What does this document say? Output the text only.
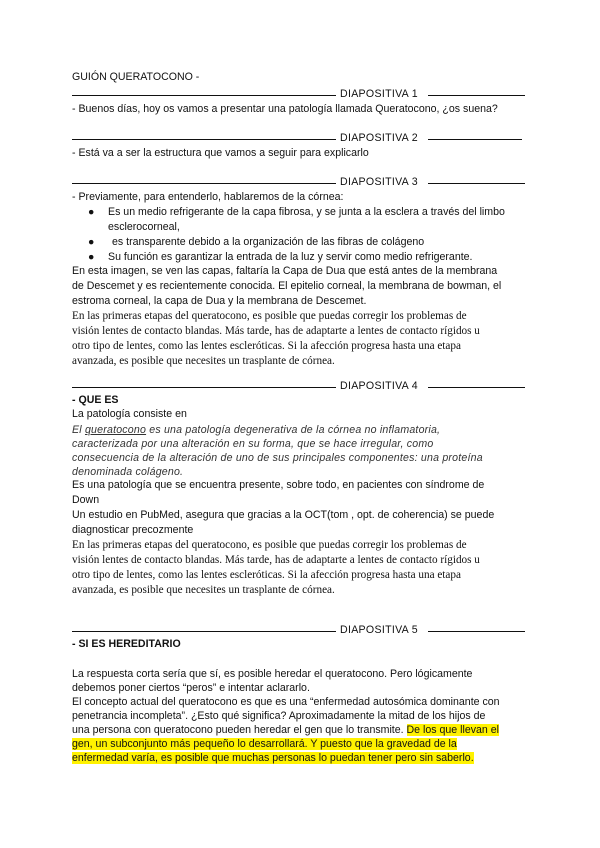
GUIÓN QUERATOCONO -
DIAPOSITIVA 1
- Buenos días, hoy os vamos a presentar una patología llamada Queratocono, ¿os suena?
DIAPOSITIVA 2
- Está va a ser la estructura que vamos a seguir para explicarlo
DIAPOSITIVA 3
- Previamente, para entenderlo, hablaremos de la córnea:
● Es un medio refrigerante de la capa fibrosa, y se junta a la esclera a través del limbo
esclerocorneal,
● es transparente debido a la organización de las fibras de colágeno
● Su función es garantizar la entrada de la luz y servir como medio refrigerante.
En esta imagen, se ven las capas, faltaría la Capa de Dua que está antes de la membrana
de Descemet y es recientemente conocida. El epitelio corneal, la membrana de bowman, el
estroma corneal, la capa de Dua y la membrana de Descemet.
En las primeras etapas del queratocono, es posible que puedas corregir los problemas de
visión lentes de contacto blandas. Más tarde, has de adaptarte a lentes de contacto rígidos u
otro tipo de lentes, como las lentes escleróticas. Si la afección progresa hasta una etapa
avanzada, es posible que necesites un trasplante de córnea.
DIAPOSITIVA 4
- QUE ES
La patología consiste en
El queratocono es una patología degenerativa de la córnea no inflamatoria,
caracterizada por una alteración en su forma, que se hace irregular, como
consecuencia de la alteración de uno de sus principales componentes: una proteína
denominada colágeno.
Es una patología que se encuentra presente, sobre todo, en pacientes con síndrome de
Down
Un estudio en PubMed, asegura que gracias a la OCT(tom , opt. de coherencia) se puede
diagnosticar precozmente
En las primeras etapas del queratocono, es posible que puedas corregir los problemas de
visión lentes de contacto blandas. Más tarde, has de adaptarte a lentes de contacto rígidos u
otro tipo de lentes, como las lentes escleróticas. Si la afección progresa hasta una etapa
avanzada, es posible que necesites un trasplante de córnea.
DIAPOSITIVA 5
- SI ES HEREDITARIO
La respuesta corta sería que sí, es posible heredar el queratocono. Pero lógicamente
debemos poner ciertos “peros” e intentar aclararlo.
El concepto actual del queratocono es que es una “enfermedad autosómica dominante con
penetrancia incompleta”. ¿Esto qué significa? Aproximadamente la mitad de los hijos de
una persona con queratocono pueden heredar el gen que lo transmite. De los que llevan el
gen, un subconjunto más pequeño lo desarrollará. Y puesto que la gravedad de la
enfermedad varía, es posible que muchas personas lo puedan tener pero sin saberlo.
